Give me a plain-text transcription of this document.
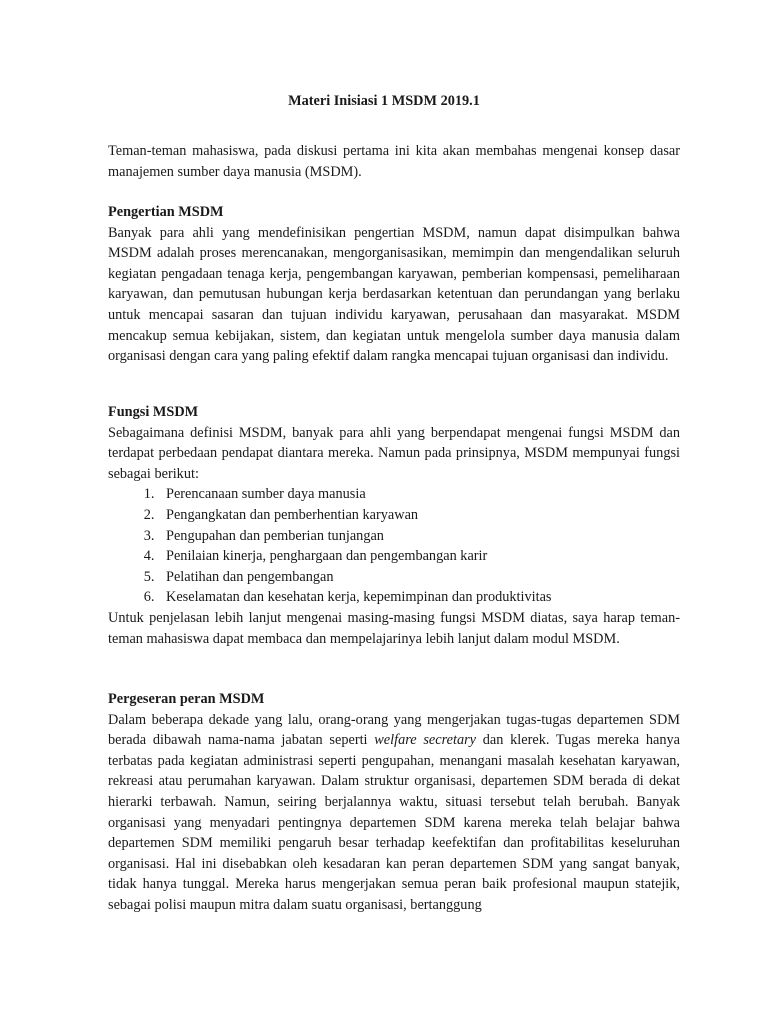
Materi Inisiasi 1 MSDM 2019.1

Teman-teman mahasiswa, pada diskusi pertama ini kita akan membahas mengenai konsep dasar manajemen sumber daya manusia (MSDM).

Pengertian MSDM

Banyak para ahli yang mendefinisikan pengertian MSDM, namun dapat disimpulkan bahwa MSDM adalah proses merencanakan, mengorganisasikan, memimpin dan mengendalikan seluruh kegiatan pengadaan tenaga kerja, pengembangan karyawan, pemberian kompensasi, pemeliharaan karyawan, dan pemutusan hubungan kerja berdasarkan ketentuan dan perundangan yang berlaku untuk mencapai sasaran dan tujuan individu karyawan, perusahaan dan masyarakat. MSDM mencakup semua kebijakan, sistem, dan kegiatan untuk mengelola sumber daya manusia dalam organisasi dengan cara yang paling efektif dalam rangka mencapai tujuan organisasi dan individu.

Fungsi MSDM

Sebagaimana definisi MSDM, banyak para ahli yang berpendapat mengenai fungsi MSDM dan terdapat perbedaan pendapat diantara mereka. Namun pada prinsipnya, MSDM mempunyai fungsi sebagai berikut:

1. Perencanaan sumber daya manusia
2. Pengangkatan dan pemberhentian karyawan
3. Pengupahan dan pemberian tunjangan
4. Penilaian kinerja, penghargaan dan pengembangan karir
5. Pelatihan dan pengembangan
6. Keselamatan dan kesehatan kerja, kepemimpinan dan produktivitas

Untuk penjelasan lebih lanjut mengenai masing-masing fungsi MSDM diatas, saya harap teman-teman mahasiswa dapat membaca dan mempelajarinya lebih lanjut dalam modul MSDM.

Pergeseran peran MSDM

Dalam beberapa dekade yang lalu, orang-orang yang mengerjakan tugas-tugas departemen SDM berada dibawah nama-nama jabatan seperti welfare secretary dan klerek. Tugas mereka hanya terbatas pada kegiatan administrasi seperti pengupahan, menangani masalah kesehatan karyawan, rekreasi atau perumahan karyawan. Dalam struktur organisasi, departemen SDM berada di dekat hierarki terbawah. Namun, seiring berjalannya waktu, situasi tersebut telah berubah. Banyak organisasi yang menyadari pentingnya departemen SDM karena mereka telah belajar bahwa departemen SDM memiliki pengaruh besar terhadap keefektifan dan profitabilitas keseluruhan organisasi. Hal ini disebabkan oleh kesadaran kan peran departemen SDM yang sangat banyak, tidak hanya tunggal. Mereka harus mengerjakan semua peran baik profesional maupun statejik, sebagai polisi maupun mitra dalam suatu organisasi, bertanggung
